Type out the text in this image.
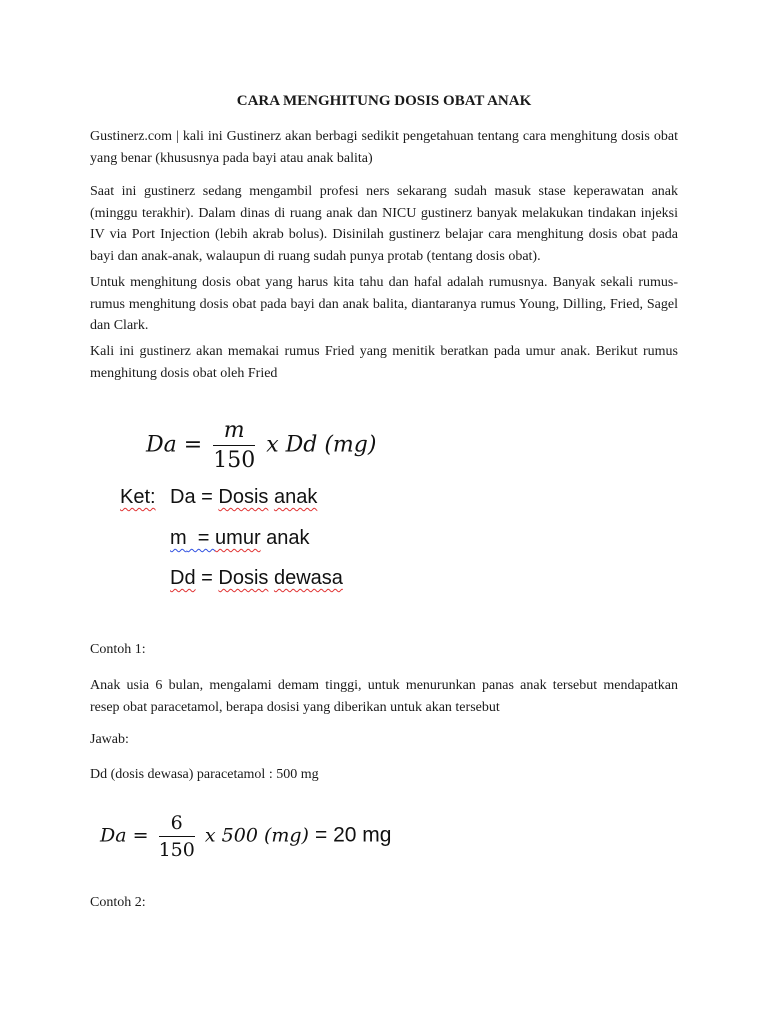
CARA MENGHITUNG DOSIS OBAT ANAK
Gustinerz.com | kali ini Gustinerz akan berbagi sedikit pengetahuan tentang cara menghitung dosis obat yang benar (khususnya pada bayi atau anak balita)
Saat ini gustinerz sedang mengambil profesi ners sekarang sudah masuk stase keperawatan anak (minggu terakhir). Dalam dinas di ruang anak dan NICU gustinerz banyak melakukan tindakan injeksi IV via Port Injection (lebih akrab bolus). Disinilah gustinerz belajar cara menghitung dosis obat pada bayi dan anak-anak, walaupun di ruang sudah punya protab (tentang dosis obat).
Untuk menghitung dosis obat yang harus kita tahu dan hafal adalah rumusnya. Banyak sekali rumus-rumus menghitung dosis obat pada bayi dan anak balita, diantaranya rumus Young, Dilling, Fried, Sagel dan Clark.
Kali ini gustinerz akan memakai rumus Fried yang menitik beratkan pada umur anak. Berikut rumus menghitung dosis obat oleh Fried
$Da = \frac{m}{150}$ x Dd (mg)
Ket: Da = Dosis anak
m  = umur anak
Dd = Dosis dewasa
Contoh 1:
Anak usia 6 bulan, mengalami demam tinggi, untuk menurunkan panas anak tersebut mendapatkan resep obat paracetamol, berapa dosisi yang diberikan untuk akan tersebut
Jawab:
Dd (dosis dewasa) paracetamol : 500 mg
$Da = \frac{6}{150}$ x 500 (mg) = 20 mg
Contoh 2:
